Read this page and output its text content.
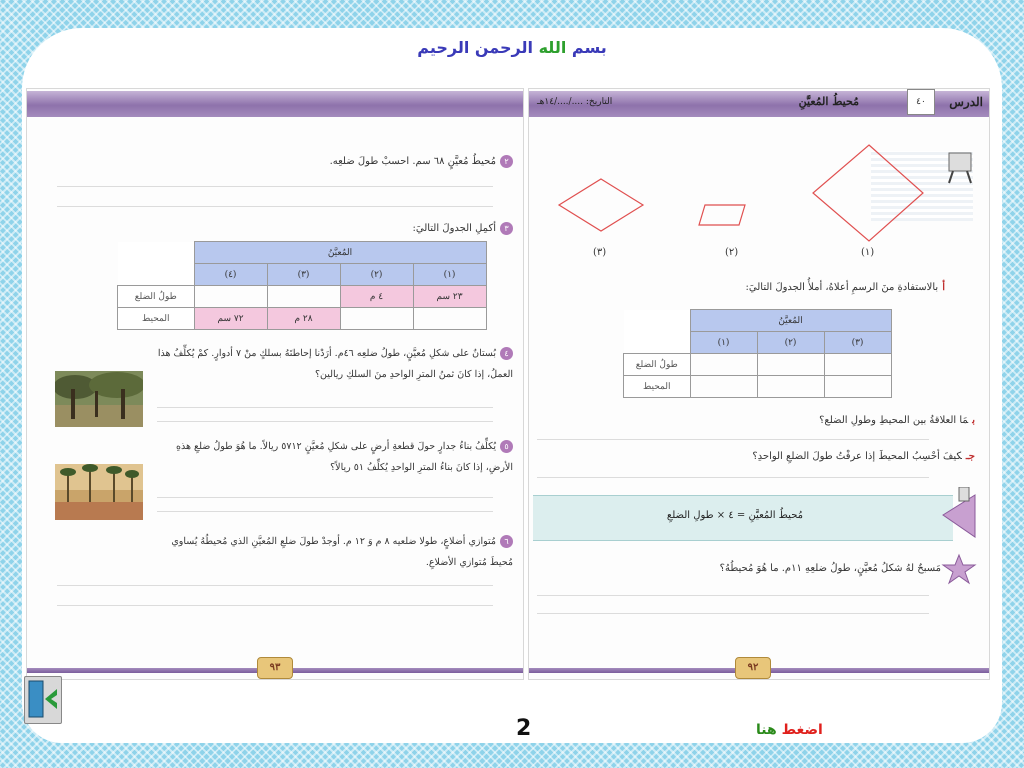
بسم الله الرحمن الرحيم
٢مُحيطُ مُعيَّنٍ ٦٨ سم. احسبْ طولَ ضلعِه.
٣أكمِلِ الجدولَ التاليَ:
المُعيَّنُ				
(١)	(٢)	(٣)	(٤)	
٢٣ سم	٤ م			طولُ الضلع
		٢٨ م	٧٢ سم	المحيط
٤بُستانٌ على شكلِ مُعيَّنٍ، طولُ ضلعِه ٤٦م. أرَدْنا إحاطتَهُ بسلكٍ منْ ٧ أدوارٍ. كمْ يُكلِّفُ هذا
العملُ، إذا كانَ ثمنُ المترِ الواحدِ منَ السلكِ ريالين؟
٥يُكلِّفُ بناءُ جدارٍ حولَ قطعةِ أرضٍ على شكلِ مُعيَّنٍ ٥٧١٢ ريالاً. ما هُوَ طولُ ضلعِ هذهِ
الأرضِ، إذا كانَ بناءُ المترِ الواحدِ يُكلِّفُ ٥١ ريالاً؟
٦مُتوازي أضلاعٍ، طولا ضلعيه ٨ م وَ ١٢ م. أوجدْ طولَ ضلعِ المُعيَّنِ الذي مُحيطُهُ يُساوي
مُحيطَ مُتوازي الأضلاعِ.
٩٣
الدرس
٤٠
مُحيطُ المُعيَّنِ
التاريخ: ..../..../١٤هـ
(١)
(٢)
(٣)
أبالاستفادةِ منَ الرسمِ أعلاهُ، أملأُ الجدولَ التاليَ:
المُعيَّنُ			
(٣)	(٢)	(١)	
			طولُ الضلع
			المحيط
بمَا العلاقةُ بين المحيطِ وطولِ الضلع؟
جـكيفَ أحْسِبُ المحيطَ إذا عرفْتُ طولَ الضلعِ الواحدِ؟
مُحيطُ المُعيَّنِ = ٤ × طولِ الضلعِ
مَسبحٌ لهُ شكلُ مُعيَّنٍ، طولُ ضلعِهِ ١١م. ما هُوَ مُحيطُهُ؟
٩٢
2	اضغط هنا
